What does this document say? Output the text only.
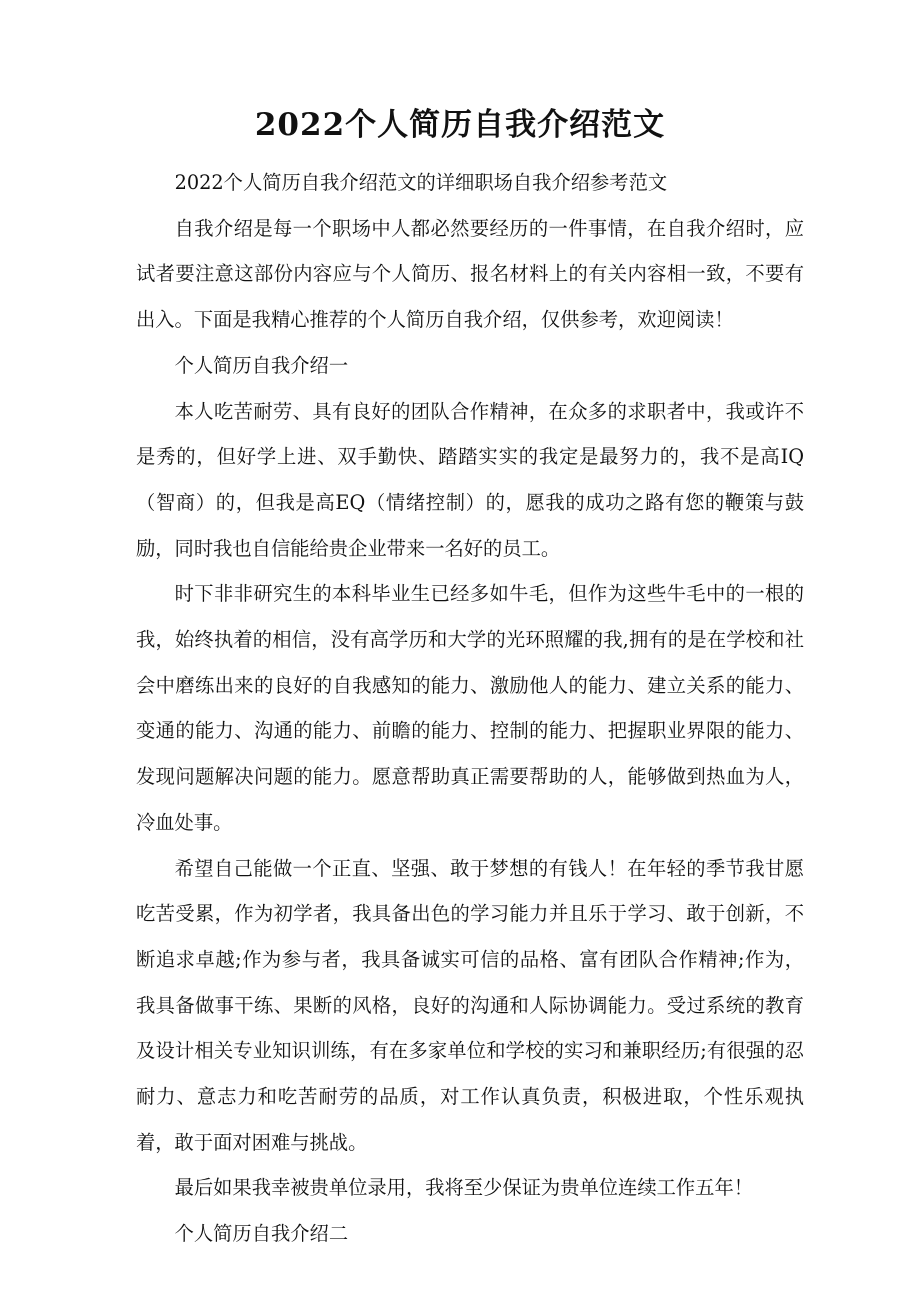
2022个人简历自我介绍范文

2022个人简历自我介绍范文的详细职场自我介绍参考范文

自我介绍是每一个职场中人都必然要经历的一件事情，在自我介绍时，应试者要注意这部份内容应与个人简历、报名材料上的有关内容相一致，不要有出入。下面是我精心推荐的个人简历自我介绍，仅供参考，欢迎阅读！

个人简历自我介绍一

本人吃苦耐劳、具有良好的团队合作精神，在众多的求职者中，我或许不是秀的，但好学上进、双手勤快、踏踏实实的我定是最努力的，我不是高IQ（智商）的，但我是高EQ（情绪控制）的，愿我的成功之路有您的鞭策与鼓励，同时我也自信能给贵企业带来一名好的员工。

时下非非研究生的本科毕业生已经多如牛毛，但作为这些牛毛中的一根的我，始终执着的相信，没有高学历和大学的光环照耀的我,拥有的是在学校和社会中磨练出来的良好的自我感知的能力、激励他人的能力、建立关系的能力、变通的能力、沟通的能力、前瞻的能力、控制的能力、把握职业界限的能力、发现问题解决问题的能力。愿意帮助真正需要帮助的人，能够做到热血为人，冷血处事。

希望自己能做一个正直、坚强、敢于梦想的有钱人！在年轻的季节我甘愿吃苦受累，作为初学者，我具备出色的学习能力并且乐于学习、敢于创新，不断追求卓越;作为参与者，我具备诚实可信的品格、富有团队合作精神;作为，我具备做事干练、果断的风格，良好的沟通和人际协调能力。受过系统的教育及设计相关专业知识训练，有在多家单位和学校的实习和兼职经历;有很强的忍耐力、意志力和吃苦耐劳的品质，对工作认真负责，积极进取，个性乐观执着，敢于面对困难与挑战。

最后如果我幸被贵单位录用，我将至少保证为贵单位连续工作五年！

个人简历自我介绍二
